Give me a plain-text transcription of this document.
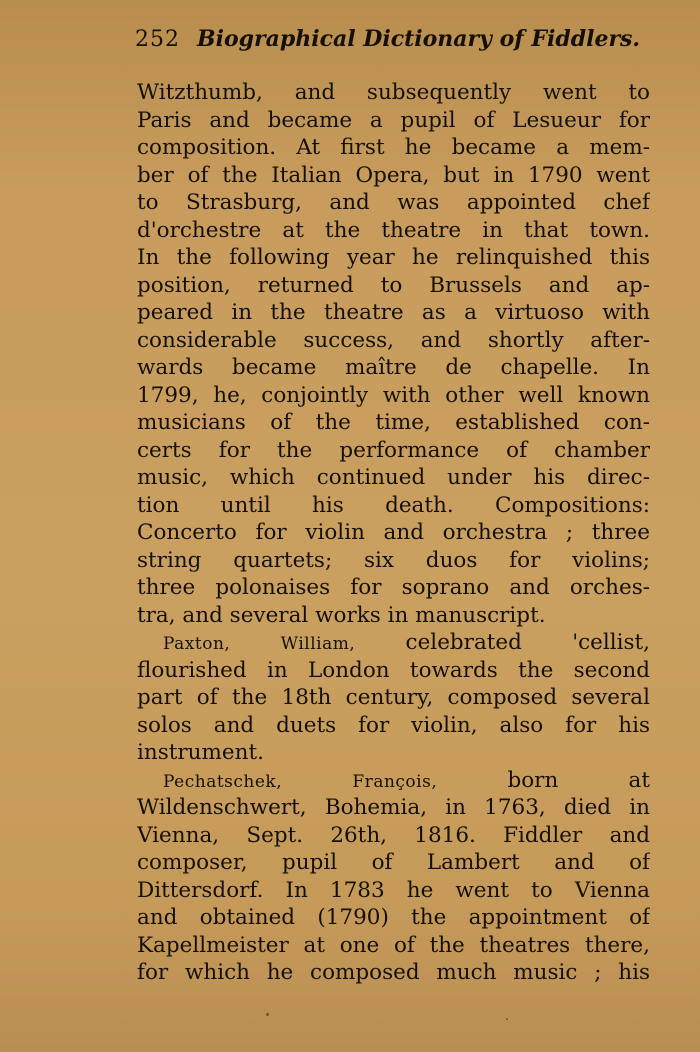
252 Biographical Dictionary of Fiddlers.
Witzthumb, and subsequently went to
Paris and became a pupil of Lesueur for
composition. At first he became a mem-
ber of the Italian Opera, but in 1790 went
to Strasburg, and was appointed chef
d'orchestre at the theatre in that town.
In the following year he relinquished this
position, returned to Brussels and ap-
peared in the theatre as a virtuoso with
considerable success, and shortly after-
wards became maître de chapelle. In
1799, he, conjointly with other well known
musicians of the time, established con-
certs for the performance of chamber
music, which continued under his direc-
tion until his death. Compositions:
Concerto for violin and orchestra ; three
string quartets; six duos for violins;
three polonaises for soprano and orches-
tra, and several works in manuscript.
Paxton,	William, celebrated 'cellist,
flourished in London towards the second
part of the 18th century, composed several
solos and duets for violin, also for his
instrument.
Pechatschek,	François,	born at
Wildenschwert, Bohemia, in 1763, died in
Vienna, Sept. 26th, 1816. Fiddler and
composer, pupil of Lambert and of
Dittersdorf. In 1783 he went to Vienna
and obtained (1790) the appointment of
Kapellmeister at one of the theatres there,
for which he composed much music ; his
